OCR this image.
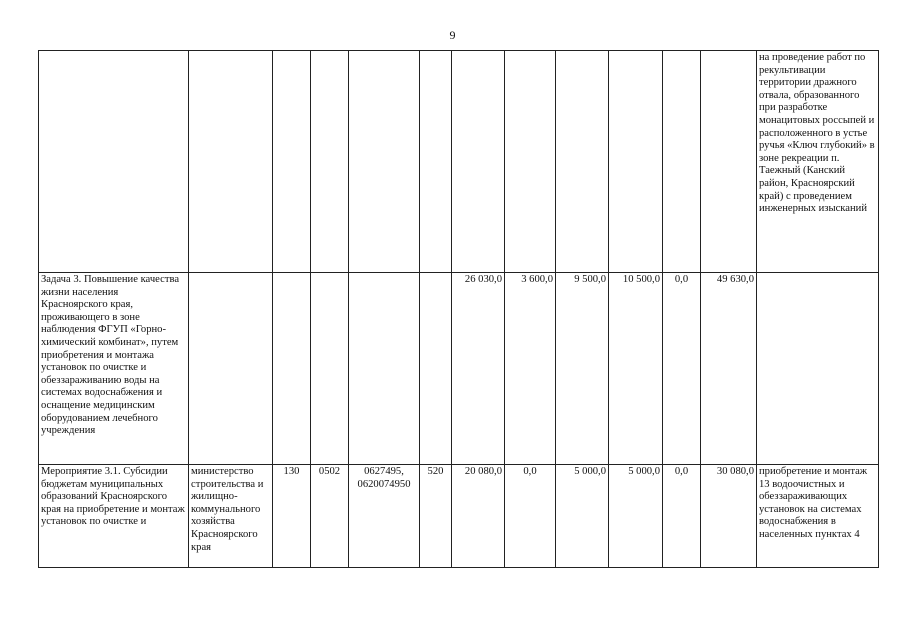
9
												на проведение работ по рекультивации территории дражного отвала, образованного при разработке монацитовых россыпей и расположенного в устье ручья «Ключ глубокий» в зоне рекреации п. Таежный (Канский район, Красноярский край) с проведением инженерных изысканий
Задача 3. Повышение качества жизни населения Красноярского края, проживающего в зоне наблюдения ФГУП «Горно-химический комбинат», путем приобретения и монтажа установок по очистке и обеззараживанию воды на системах водоснабжения и оснащение медицинским оборудованием лечебного учреждения						26 030,0	3 600,0	9 500,0	10 500,0	0,0	49 630,0	
Мероприятие 3.1. Субсидии бюджетам муниципальных образований Красноярского края на приобретение и монтаж установок по очистке и	министерство строительства и жилищно-коммунального хозяйства Красноярского края	130	0502	0627495, 0620074950	520	20 080,0	0,0	5 000,0	5 000,0	0,0	30 080,0	приобретение и монтаж 13 водоочистных и обеззараживающих установок на системах водоснабжения в населенных пунктах 4
